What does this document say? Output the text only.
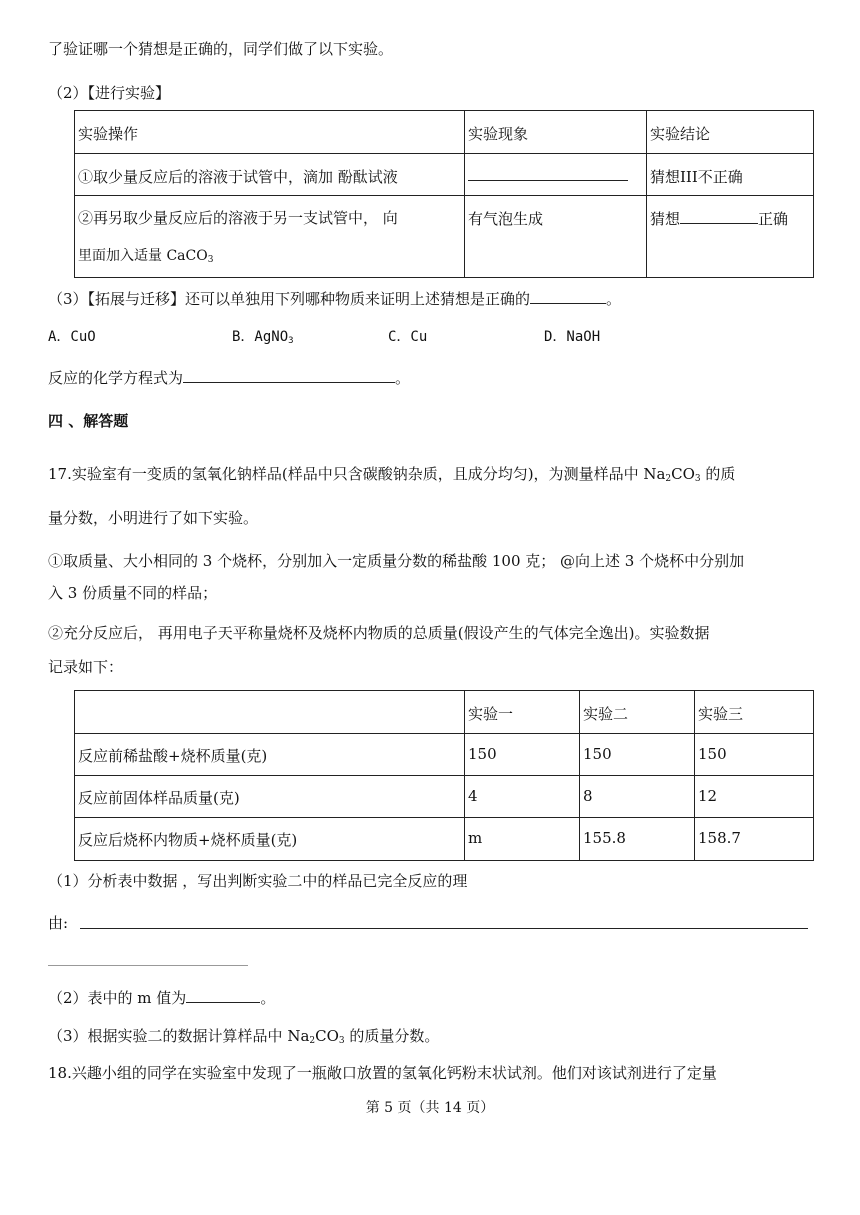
了验证哪一个猜想是正确的，同学们做了以下实验。
（2）【进行实验】
实验操作	实验现象	实验结论
①取少量反应后的溶液于试管中，滴加 酚酞试液		猜想III不正确

②再另取少量反应后的溶液于另一支试管中， 向
里面加入适量 CaCO$_3$	有气泡生成	猜想 正确
（3）【拓展与迁移】还可以单独用下列哪种物质来证明上述猜想是正确的	。
A．CuO	B．AgNO$_3$	C．Cu	D．NaOH
反应的化学方程式为	。
四 、解答题
17.实验室有一变质的氢氧化钠样品(样品中只含碳酸钠杂质，且成分均匀)，为测量样品中 $Na_2CO_3$ 的质
量分数，小明进行了如下实验。
①取质量、大小相同的 3 个烧杯，分别加入一定质量分数的稀盐酸 100 克； @向上述 3 个烧杯中分别加
入 3 份质量不同的样品；
②充分反应后， 再用电子天平称量烧杯及烧杯内物质的总质量(假设产生的气体完全逸出)。实验数据
记录如下：
	实验一	实验二	实验三
反应前稀盐酸+烧杯质量(克)	150	150	150
反应前固体样品质量(克)	4	8	12
反应后烧杯内物质+烧杯质量(克)	m	155.8	158.7
（1）分析表中数据 ，写出判断实验二中的样品已完全反应的理
由:
（2）表中的 m 值为	。
（3）根据实验二的数据计算样品中 $Na_2CO_3$ 的质量分数。
18.兴趣小组的同学在实验室中发现了一瓶敞口放置的氢氧化钙粉末状试剂。他们对该试剂进行了定量
第 5 页（共 14 页）
